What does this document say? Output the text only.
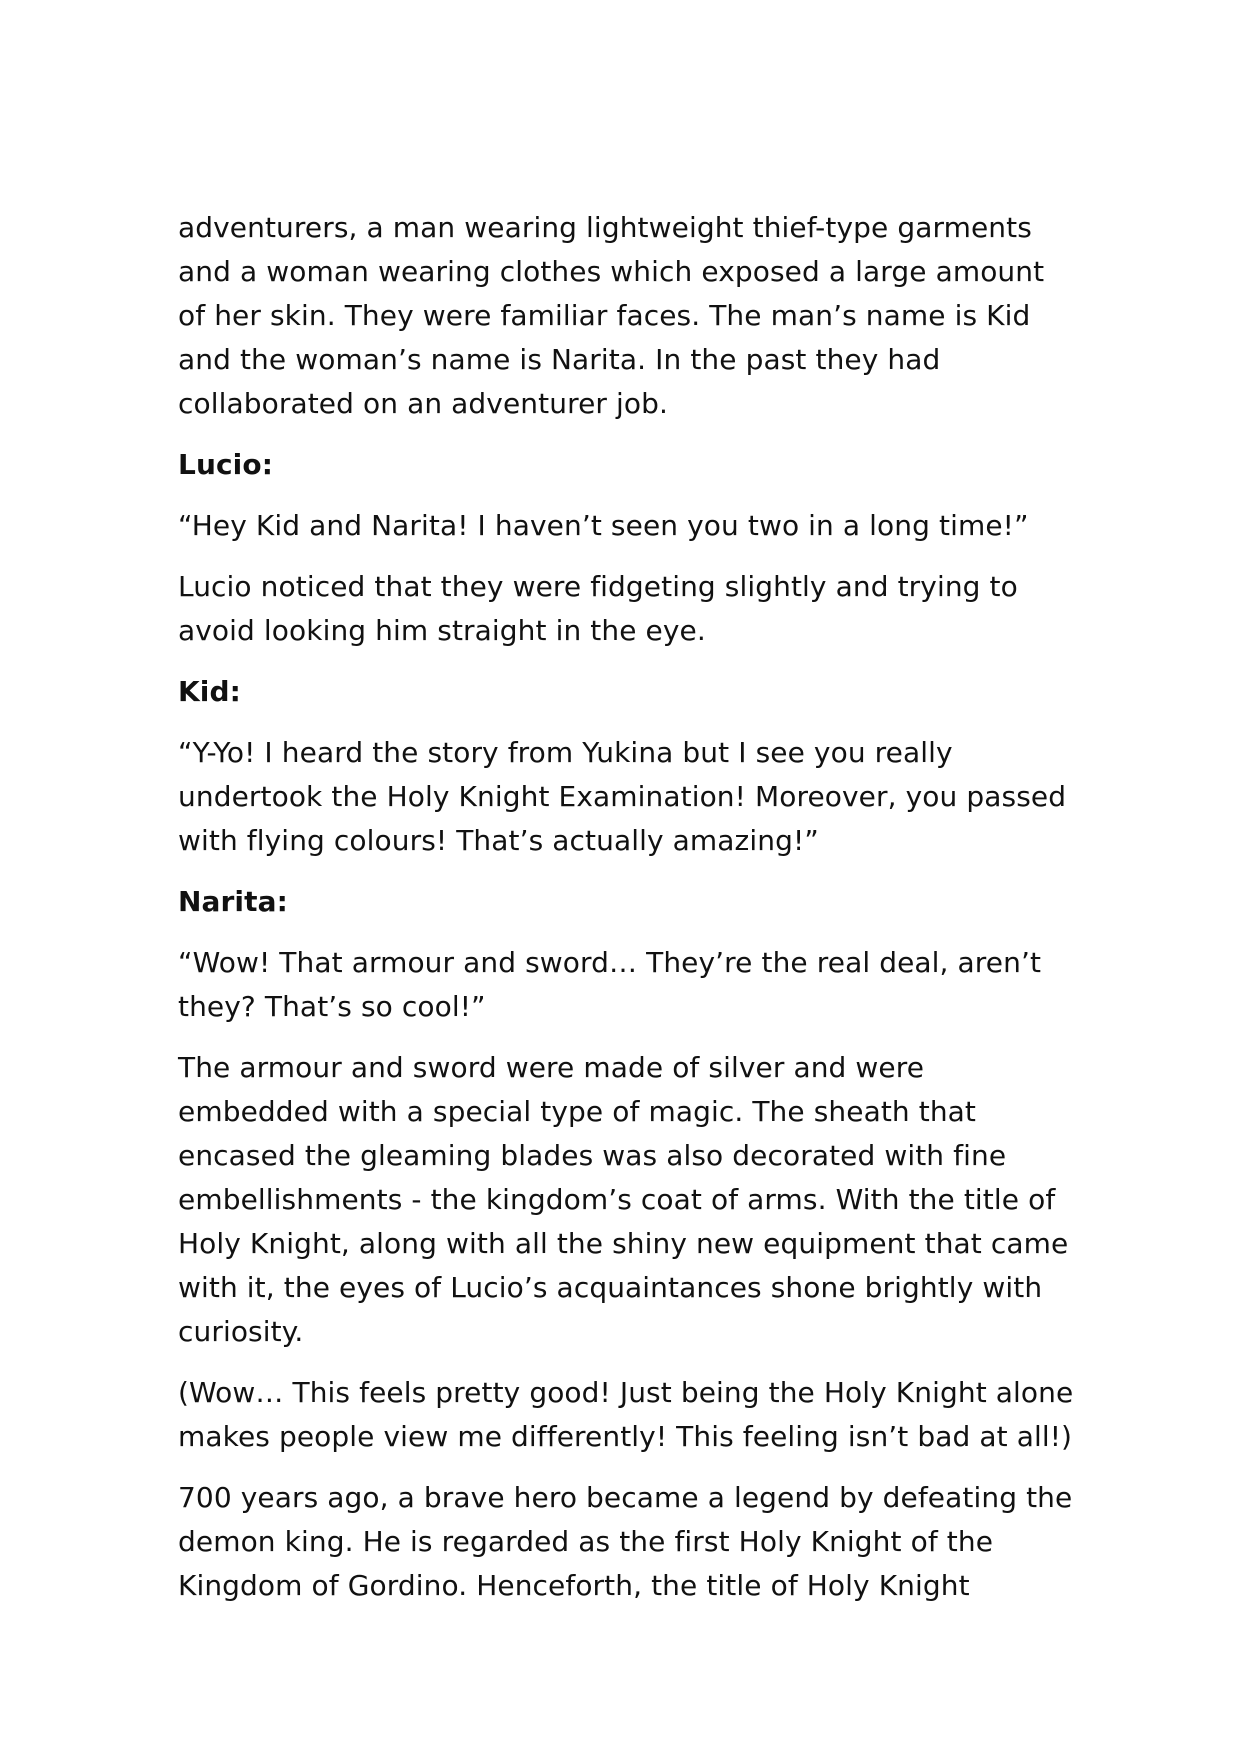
adventurers, a man wearing lightweight thief-type garments and a woman wearing clothes which exposed a large amount of her skin. They were familiar faces. The man’s name is Kid and the woman’s name is Narita. In the past they had collaborated on an adventurer job.

Lucio:

“Hey Kid and Narita! I haven’t seen you two in a long time!”

Lucio noticed that they were fidgeting slightly and trying to avoid looking him straight in the eye.

Kid:

“Y-Yo! I heard the story from Yukina but I see you really undertook the Holy Knight Examination! Moreover, you passed with flying colours! That’s actually amazing!”

Narita:

“Wow! That armour and sword… They’re the real deal, aren’t they? That’s so cool!”

The armour and sword were made of silver and were embedded with a special type of magic. The sheath that encased the gleaming blades was also decorated with fine embellishments - the kingdom’s coat of arms. With the title of Holy Knight, along with all the shiny new equipment that came with it, the eyes of Lucio’s acquaintances shone brightly with curiosity.

(Wow… This feels pretty good! Just being the Holy Knight alone makes people view me differently! This feeling isn’t bad at all!)

700 years ago, a brave hero became a legend by defeating the demon king. He is regarded as the first Holy Knight of the Kingdom of Gordino. Henceforth, the title of Holy Knight
